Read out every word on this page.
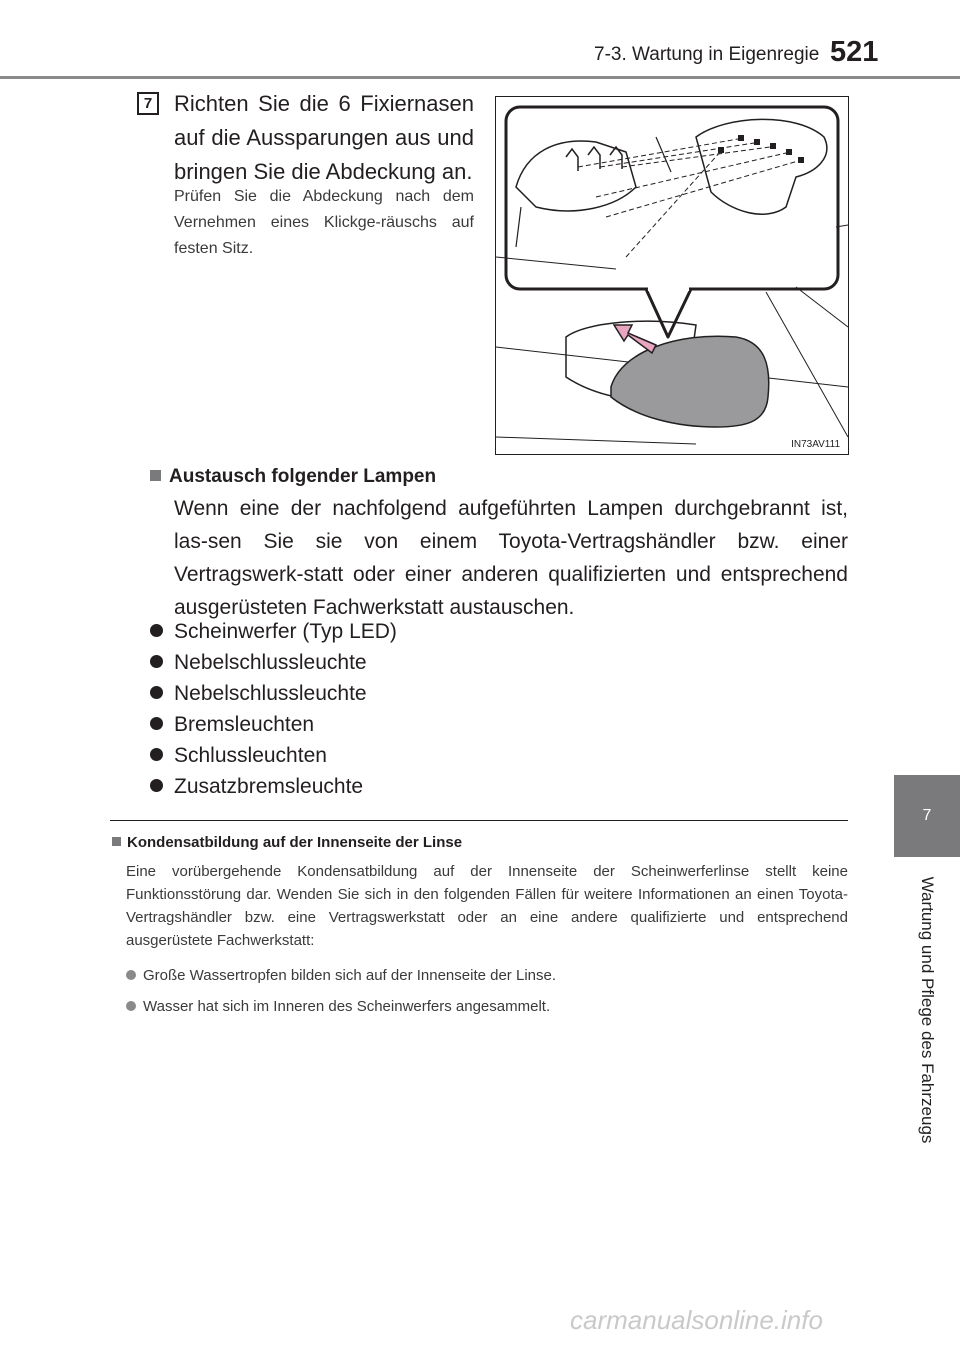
7-3. Wartung in Eigenregie 521
7
Wartung und Pflege des Fahrzeugs
7 Richten Sie die 6 Fixiernasen auf die Aussparungen aus und bringen Sie die Abdeckung an.
Prüfen Sie die Abdeckung nach dem Vernehmen eines Klickge-räuschs auf festen Sitz.
IN73AV111
Austausch folgender Lampen
Wenn eine der nachfolgend aufgeführten Lampen durchgebrannt ist, las-sen Sie sie von einem Toyota-Vertragshändler bzw. einer Vertragswerk-statt oder einer anderen qualifizierten und entsprechend ausgerüsteten Fachwerkstatt austauschen.
Scheinwerfer (Typ LED)
Nebelschlussleuchte
Nebelschlussleuchte
Bremsleuchten
Schlussleuchten
Zusatzbremsleuchte
Kondensatbildung auf der Innenseite der Linse
Eine vorübergehende Kondensatbildung auf der Innenseite der Scheinwerferlinse stellt keine Funktionsstörung dar. Wenden Sie sich in den folgenden Fällen für weitere Informationen an einen Toyota-Vertragshändler bzw. eine Vertragswerkstatt oder an eine andere qualifizierte und entsprechend ausgerüstete Fachwerkstatt:
Große Wassertropfen bilden sich auf der Innenseite der Linse.
Wasser hat sich im Inneren des Scheinwerfers angesammelt.
carmanualsonline.info
